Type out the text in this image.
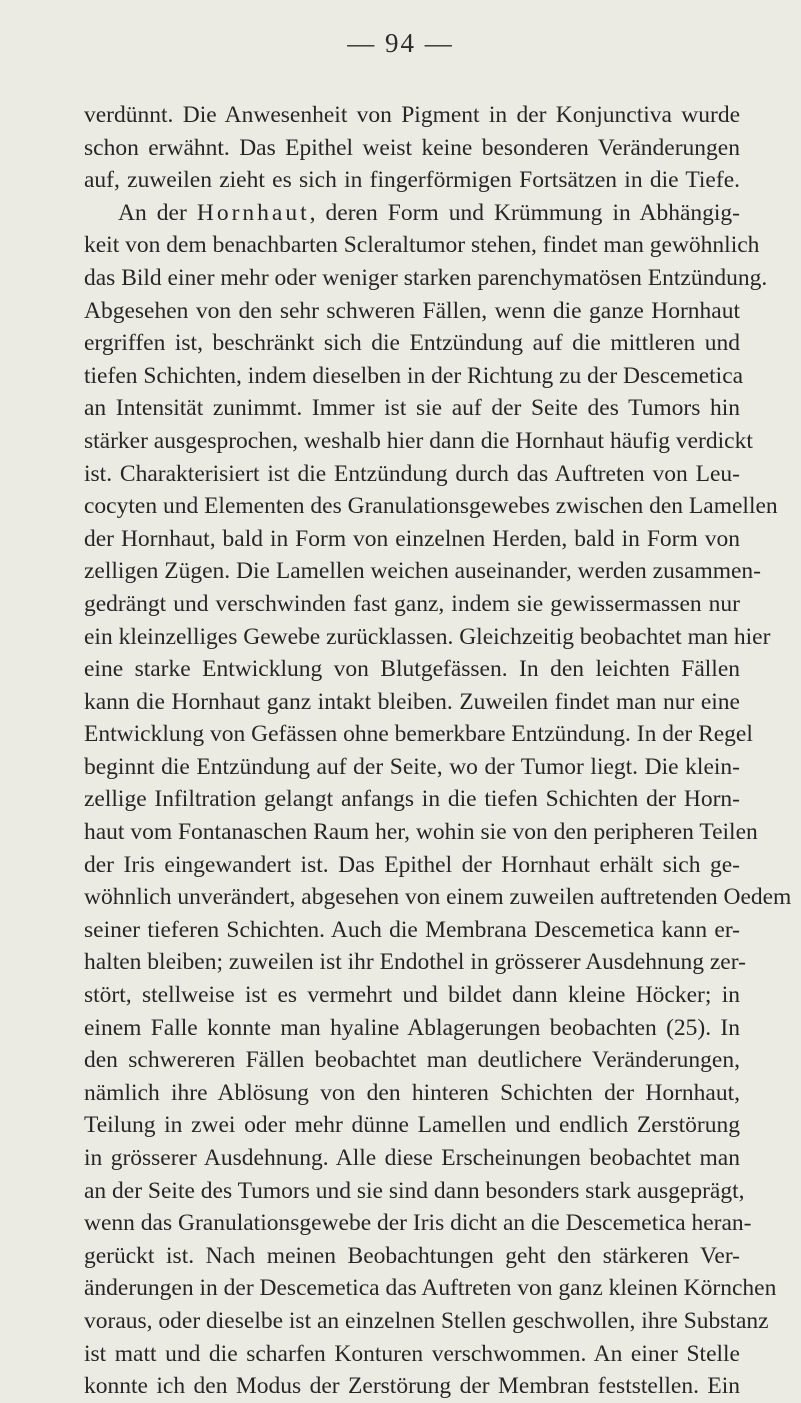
— 94 —
verdünnt. Die Anwesenheit von Pigment in der Konjunctiva wurde
schon erwähnt. Das Epithel weist keine besonderen Veränderungen
auf, zuweilen zieht es sich in fingerförmigen Fortsätzen in die Tiefe.
An der Hornhaut, deren Form und Krümmung in Abhängig-
keit von dem benachbarten Scleraltumor stehen, findet man gewöhnlich
das Bild einer mehr oder weniger starken parenchymatösen Entzündung.
Abgesehen von den sehr schweren Fällen, wenn die ganze Hornhaut
ergriffen ist, beschränkt sich die Entzündung auf die mittleren und
tiefen Schichten, indem dieselben in der Richtung zu der Descemetica
an Intensität zunimmt. Immer ist sie auf der Seite des Tumors hin
stärker ausgesprochen, weshalb hier dann die Hornhaut häufig verdickt
ist. Charakterisiert ist die Entzündung durch das Auftreten von Leu-
cocyten und Elementen des Granulationsgewebes zwischen den Lamellen
der Hornhaut, bald in Form von einzelnen Herden, bald in Form von
zelligen Zügen. Die Lamellen weichen auseinander, werden zusammen-
gedrängt und verschwinden fast ganz, indem sie gewissermassen nur
ein kleinzelliges Gewebe zurücklassen. Gleichzeitig beobachtet man hier
eine starke Entwicklung von Blutgefässen. In den leichten Fällen
kann die Hornhaut ganz intakt bleiben. Zuweilen findet man nur eine
Entwicklung von Gefässen ohne bemerkbare Entzündung. In der Regel
beginnt die Entzündung auf der Seite, wo der Tumor liegt. Die klein-
zellige Infiltration gelangt anfangs in die tiefen Schichten der Horn-
haut vom Fontanaschen Raum her, wohin sie von den peripheren Teilen
der Iris eingewandert ist. Das Epithel der Hornhaut erhält sich ge-
wöhnlich unverändert, abgesehen von einem zuweilen auftretenden Oedem
seiner tieferen Schichten. Auch die Membrana Descemetica kann er-
halten bleiben; zuweilen ist ihr Endothel in grösserer Ausdehnung zer-
stört, stellweise ist es vermehrt und bildet dann kleine Höcker; in
einem Falle konnte man hyaline Ablagerungen beobachten (25). In
den schwereren Fällen beobachtet man deutlichere Veränderungen,
nämlich ihre Ablösung von den hinteren Schichten der Hornhaut,
Teilung in zwei oder mehr dünne Lamellen und endlich Zerstörung
in grösserer Ausdehnung. Alle diese Erscheinungen beobachtet man
an der Seite des Tumors und sie sind dann besonders stark ausgeprägt,
wenn das Granulationsgewebe der Iris dicht an die Descemetica heran-
gerückt ist. Nach meinen Beobachtungen geht den stärkeren Ver-
änderungen in der Descemetica das Auftreten von ganz kleinen Körnchen
voraus, oder dieselbe ist an einzelnen Stellen geschwollen, ihre Substanz
ist matt und die scharfen Konturen verschwommen. An einer Stelle
konnte ich den Modus der Zerstörung der Membran feststellen. Ein
